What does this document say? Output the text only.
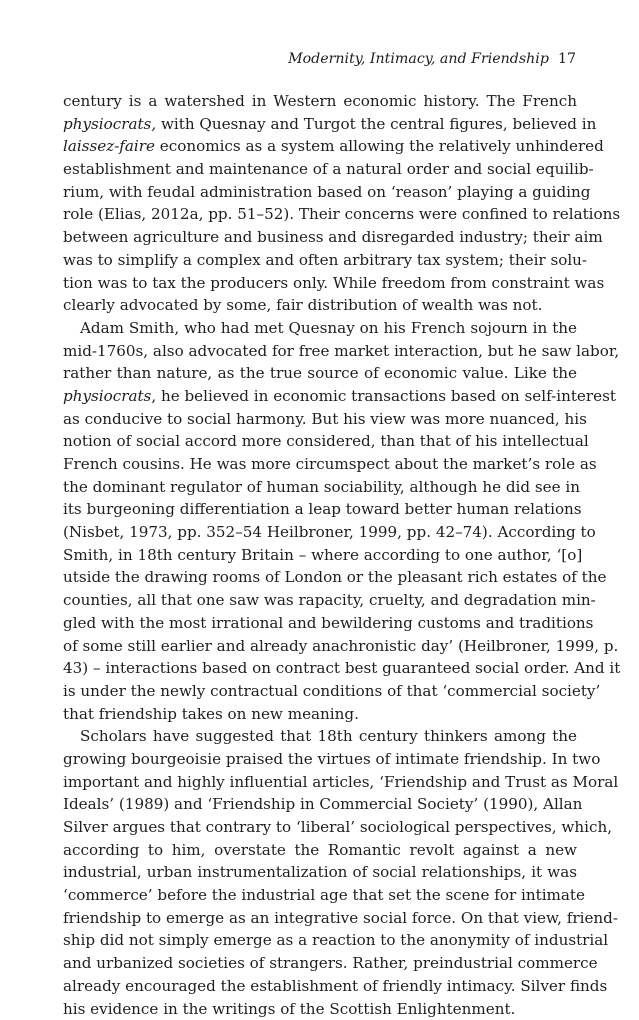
Modernity, Intimacy, and Friendship 17
century is a watershed in Western economic history. The French
physiocrats, with Quesnay and Turgot the central figures, believed in
laissez-faire economics as a system allowing the relatively unhindered
establishment and maintenance of a natural order and social equilib-
rium, with feudal administration based on ‘reason’ playing a guiding
role (Elias, 2012a, pp. 51–52). Their concerns were confined to relations
between agriculture and business and disregarded industry; their aim
was to simplify a complex and often arbitrary tax system; their solu-
tion was to tax the producers only. While freedom from constraint was
clearly advocated by some, fair distribution of wealth was not.
Adam Smith, who had met Quesnay on his French sojourn in the
mid-1760s, also advocated for free market interaction, but he saw labor,
rather than nature, as the true source of economic value. Like the
physiocrats, he believed in economic transactions based on self-interest
as conducive to social harmony. But his view was more nuanced, his
notion of social accord more considered, than that of his intellectual
French cousins. He was more circumspect about the market’s role as
the dominant regulator of human sociability, although he did see in
its burgeoning differentiation a leap toward better human relations
(Nisbet, 1973, pp. 352–54 Heilbroner, 1999, pp. 42–74). According to
Smith, in 18th century Britain – where according to one author, ‘[o]
utside the drawing rooms of London or the pleasant rich estates of the
counties, all that one saw was rapacity, cruelty, and degradation min-
gled with the most irrational and bewildering customs and traditions
of some still earlier and already anachronistic day’ (Heilbroner, 1999, p.
43) – interactions based on contract best guaranteed social order. And it
is under the newly contractual conditions of that ‘commercial society’
that friendship takes on new meaning.
Scholars have suggested that 18th century thinkers among the
growing bourgeoisie praised the virtues of intimate friendship. In two
important and highly influential articles, ‘Friendship and Trust as Moral
Ideals’ (1989) and ‘Friendship in Commercial Society’ (1990), Allan
Silver argues that contrary to ‘liberal’ sociological perspectives, which,
according to him, overstate the Romantic revolt against a new
industrial, urban instrumentalization of social relationships, it was
‘commerce’ before the industrial age that set the scene for intimate
friendship to emerge as an integrative social force. On that view, friend-
ship did not simply emerge as a reaction to the anonymity of industrial
and urbanized societies of strangers. Rather, preindustrial commerce
already encouraged the establishment of friendly intimacy. Silver finds
his evidence in the writings of the Scottish Enlightenment.
